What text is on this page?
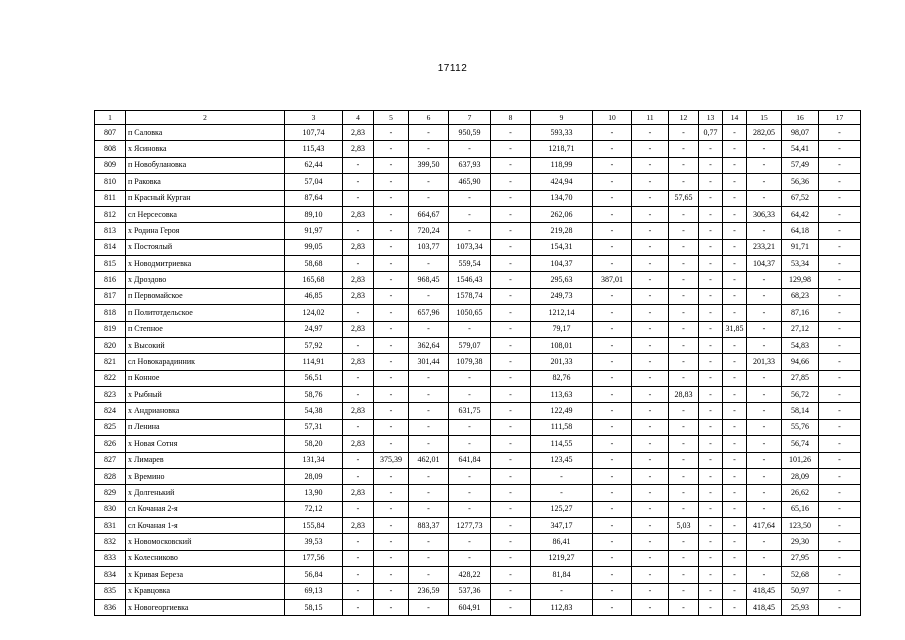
17112
1	2	3	4	5	6	7	8	9	10	11	12	13	14	15	16	17
807	п Саловка	107,74	2,83	-	-	950,59	-	593,33	-	-	-	0,77	-	282,05	98,07	-
808	х Ясиновка	115,43	2,83	-	-	-	-	1218,71	-	-	-	-	-	-	54,41	-
809	п Новобулановка	62,44	-	-	399,50	637,93	-	118,99	-	-	-	-	-	-	57,49	-
810	п Раковка	57,04	-	-	-	465,90	-	424,94	-	-	-	-	-	-	56,36	-
811	п Красный Курган	87,64	-	-	-	-	-	134,70	-	-	57,65	-	-	-	67,52	-
812	сл Нерсесовка	89,10	2,83	-	664,67	-	-	262,06	-	-	-	-	-	306,33	64,42	-
813	х Родина Героя	91,97	-	-	720,24	-	-	219,28	-	-	-	-	-	-	64,18	-
814	х Постоялый	99,05	2,83	-	103,77	1073,34	-	154,31	-	-	-	-	-	233,21	91,71	-
815	х Новодмитриевка	58,68	-	-	-	559,54	-	104,37	-	-	-	-	-	104,37	53,34	-
816	х Дроздово	165,68	2,83	-	968,45	1546,43	-	295,63	387,01	-	-	-	-	-	129,98	-
817	п Первомайское	46,85	2,83	-	-	1578,74	-	249,73	-	-	-	-	-	-	68,23	-
818	п Политотдельское	124,02	-	-	657,96	1050,65	-	1212,14	-	-	-	-	-	-	87,16	-
819	п Степное	24,97	2,83	-	-	-	-	79,17	-	-	-	-	31,85	-	27,12	-
820	х Высокий	57,92	-	-	362,64	579,07	-	108,01	-	-	-	-	-	-	54,83	-
821	сл Новокарадинник	114,91	2,83	-	301,44	1079,38	-	201,33	-	-	-	-	-	201,33	94,66	-
822	п Конное	56,51	-	-	-	-	-	82,76	-	-	-	-	-	-	27,85	-
823	х Рыбный	58,76	-	-	-	-	-	113,63	-	-	28,83	-	-	-	56,72	-
824	х Андриановка	54,38	2,83	-	-	631,75	-	122,49	-	-	-	-	-	-	58,14	-
825	п Ленина	57,31	-	-	-	-	-	111,58	-	-	-	-	-	-	55,76	-
826	х Новая Сотня	58,20	2,83	-	-	-	-	114,55	-	-	-	-	-	-	56,74	-
827	х Лимарев	131,34	-	375,39	462,01	641,84	-	123,45	-	-	-	-	-	-	101,26	-
828	х Времино	28,09	-	-	-	-	-	-	-	-	-	-	-	-	28,09	-
829	х Долгенький	13,90	2,83	-	-	-	-	-	-	-	-	-	-	-	26,62	-
830	сл Кочаная 2-я	72,12	-	-	-	-	-	125,27	-	-	-	-	-	-	65,16	-
831	сл Кочаная 1-я	155,84	2,83	-	883,37	1277,73	-	347,17	-	-	5,03	-	-	417,64	123,50	-
832	х Новомосковский	39,53	-	-	-	-	-	86,41	-	-	-	-	-	-	29,30	-
833	х Колесниково	177,56	-	-	-	-	-	1219,27	-	-	-	-	-	-	27,95	-
834	х Кривая Береза	56,84	-	-	-	428,22	-	81,84	-	-	-	-	-	-	52,68	-
835	х Кравцовка	69,13	-	-	236,59	537,36	-	-	-	-	-	-	-	418,45	50,97	-
836	х Новогеоргиевка	58,15	-	-	-	604,91	-	112,83	-	-	-	-	-	418,45	25,93	-
